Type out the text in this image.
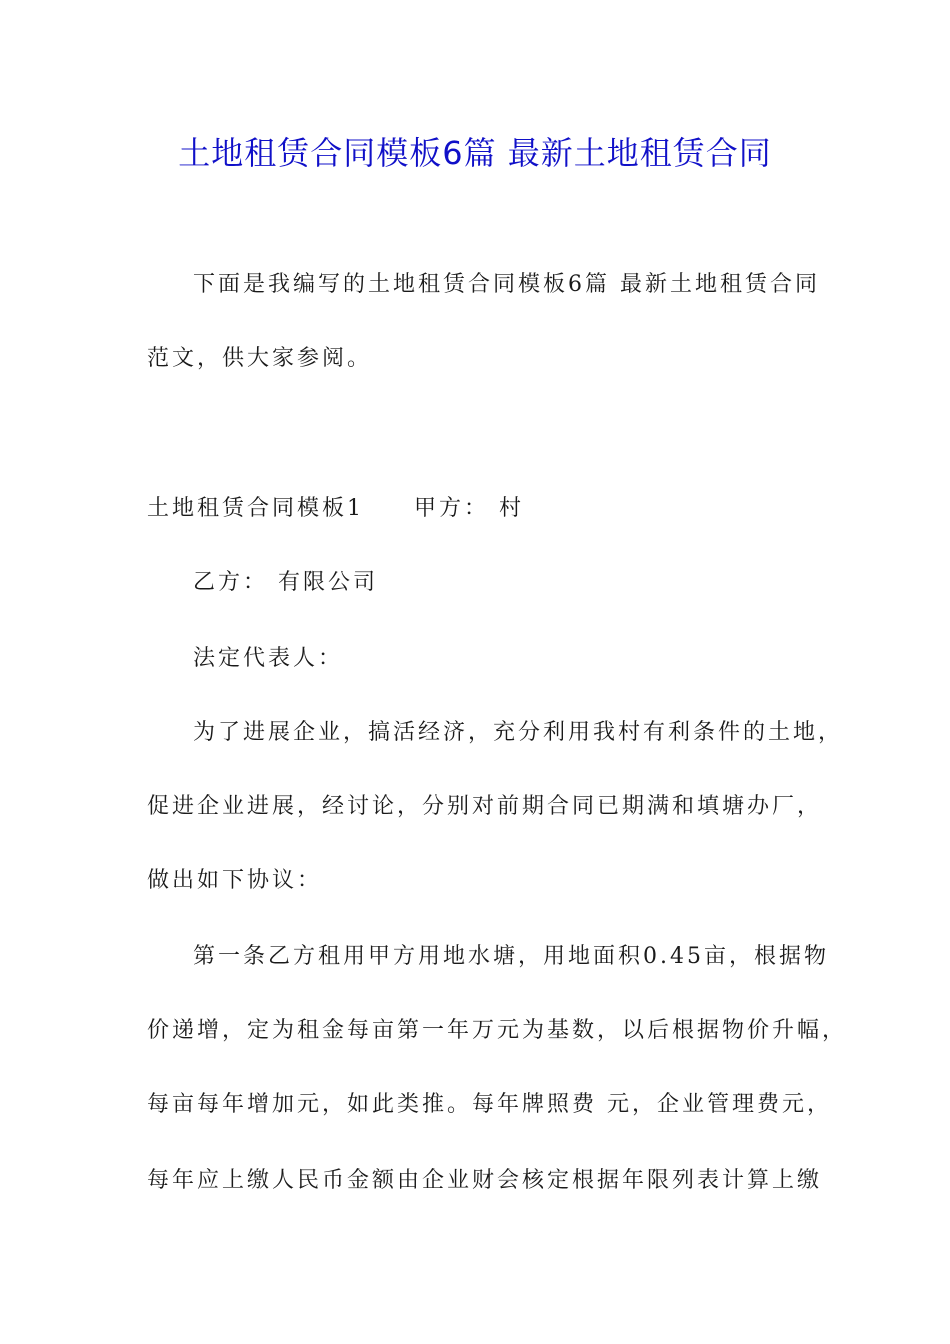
土地租赁合同模板6篇 最新土地租赁合同
下面是我编写的土地租赁合同模板6篇 最新土地租赁合同
范文，供大家参阅。
土地租赁合同模板1 甲方： 村
乙方： 有限公司
法定代表人：
为了进展企业，搞活经济，充分利用我村有利条件的土地，
促进企业进展，经讨论，分别对前期合同已期满和填塘办厂，
做出如下协议：
第一条乙方租用甲方用地水塘，用地面积0.45亩，根据物
价递增，定为租金每亩第一年万元为基数，以后根据物价升幅，
每亩每年增加元，如此类推。每年牌照费 元，企业管理费元，
每年应上缴人民币金额由企业财会核定根据年限列表计算上缴
